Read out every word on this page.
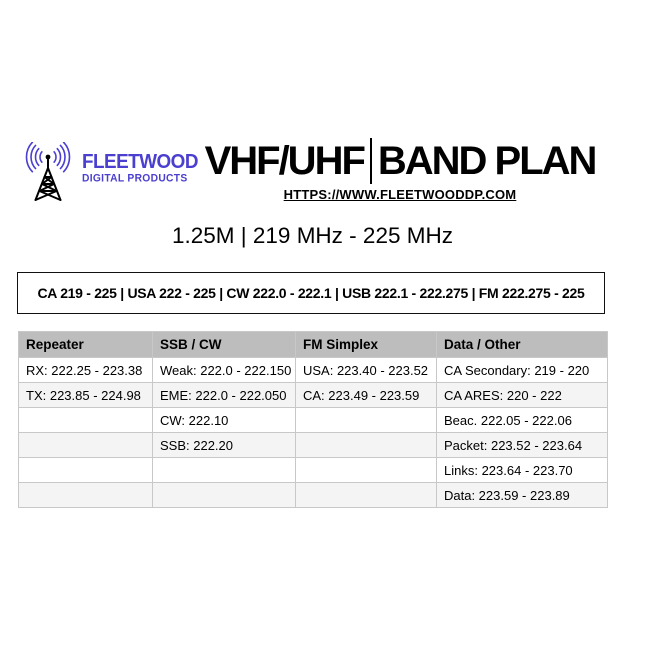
FLEETWOOD
DIGITAL PRODUCTS VHF/UHF BAND PLAN
HTTPS://WWW.FLEETWOODDP.COM
1.25M | 219 MHz - 225 MHz
CA 219 - 225 | USA 222 - 225 | CW 222.0 - 222.1 | USB 222.1 - 222.275 | FM 222.275 - 225
Repeater	SSB / CW	FM Simplex	Data / Other
RX: 222.25 - 223.38	Weak: 222.0 - 222.150	USA: 223.40 - 223.52	CA Secondary: 219 - 220
TX: 223.85 - 224.98	EME: 222.0 - 222.050	CA: 223.49 - 223.59	CA ARES: 220 - 222
	CW: 222.10		Beac. 222.05 - 222.06
	SSB: 222.20		Packet: 223.52 - 223.64
			Links: 223.64 - 223.70
			Data: 223.59 - 223.89
